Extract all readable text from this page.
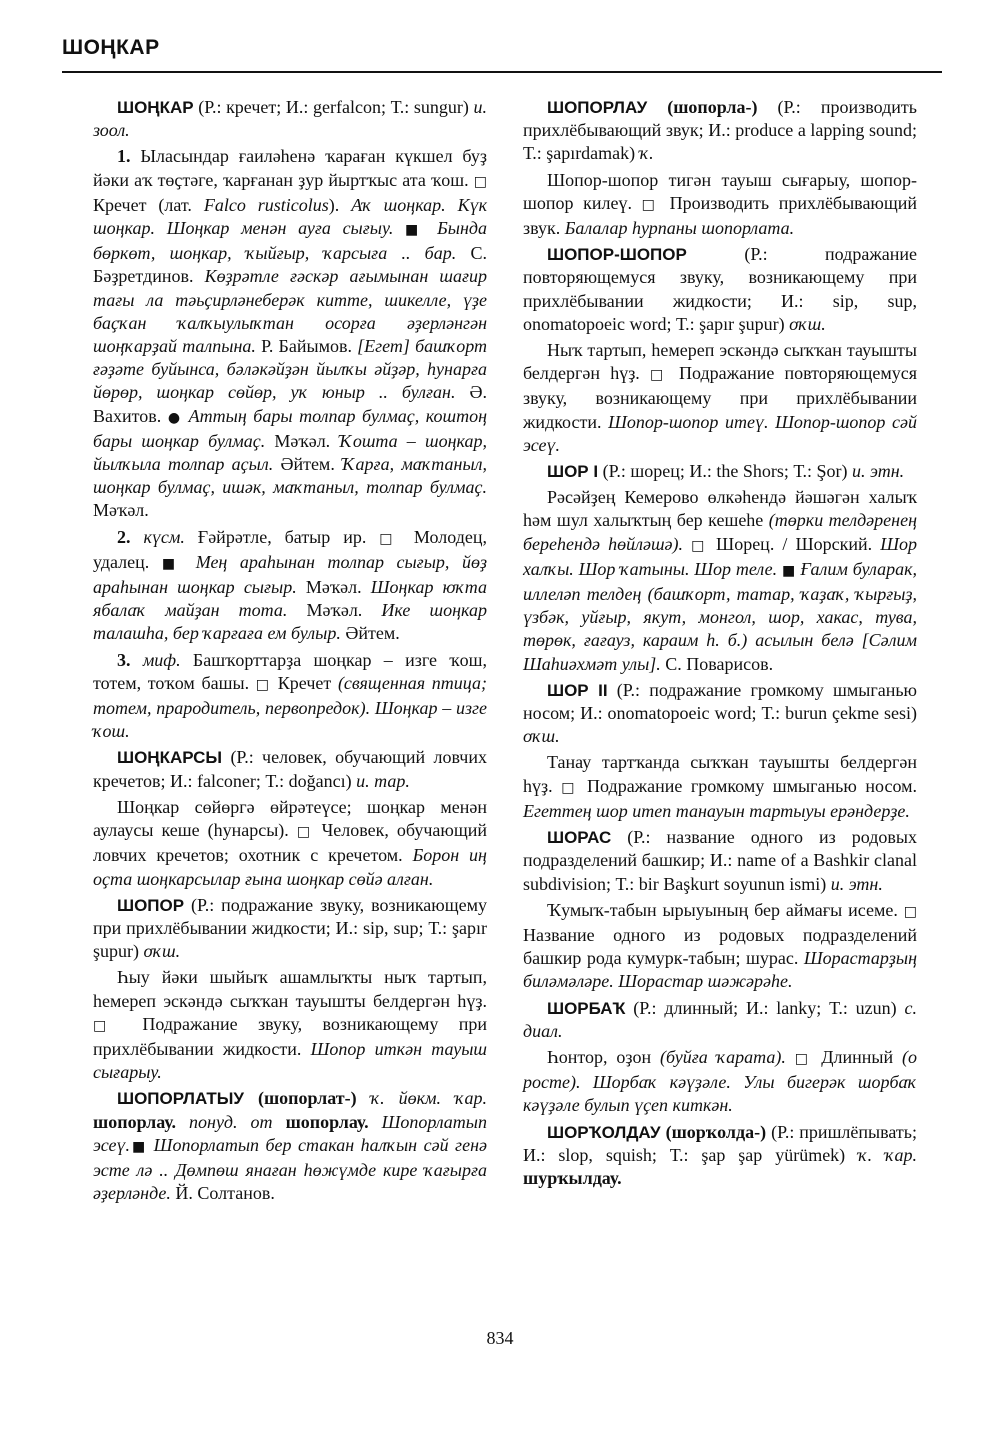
ШОҢКАР

ШОҢКАР (Р.: кречет; И.: gerfalcon; Т.: sungur) и. зоол.

1. Ыласындар ғаиләһенә ҡараған күкшел буҙ йәки аҡ төҫтәге, ҡарғанан ҙур йыртҡыс ата ҡош. □ Кречет (лат. Falco rusticolus). Аҡ шоңкар. Күк шоңкар. Шоңкар менән ауға сығыу. ■ Бында бөркөт, шоңкар, ҡыйғыр, ҡарсыға .. бар. С. Бәҙретдинов. Көҙрәтле ғәскәр ағымынан шағир тағы ла тәьҫирләнеберәк китте, шикелле, үҙе баҫҡан ҡалҡыулыҡтан осорға әҙерләнгән шоңҡарҙай талпына. Р. Байымов. [Егет] башҡорт ғәҙәте буйынса, бәләкәйҙән йылҡы әйҙәр, һунарға йөрөр, шоңкар сөйөр, уҡ юныр .. булған. Ә. Вахитов. ● Аттың бары толпар булмаҫ, коштоң бары шоңкар булмаҫ. Мәҡәл. Ҡошта – шоңкар, йылҡыла толпар аҫыл. Әйтем. Ҡарға, маҡтаныл, шоңкар булмаҫ, ишәк, маҡтаныл, толпар булмаҫ. Мәҡәл.

2. күсм. Ғәйрәтле, батыр ир. □ Молодец, удалец. ■ Мең араһынан толпар сығыр, йөҙ араһынан шоңкар сығыр. Мәҡәл. Шоңкар юҡта ябалаҡ майҙан тота. Мәҡәл. Ике шоңкар талашһа, бер ҡарғаға ем булыр. Әйтем.

3. миф. Башҡорттарҙа шоңкар – изге ҡош, тотем, тоҡом башы. □ Кречет (священная птица; тотем, прародитель, первопредок). Шоңкар – изге ҡош.

ШОҢКАРСЫ (Р.: человек, обучающий ловчих кречетов; И.: falconer; Т.: doğancı) и. тар.

Шоңкар сөйөргә өйрәтеүсе; шоңкар менән аулаусы кеше (һунарсы). □ Человек, обучающий ловчих кречетов; охотник с кречетом. Борон иң оҫта шоңкарсылар ғына шоңкар сөйә алған.

ШОПОР (Р.: подражание звуку, возникающему при прихлёбывании жидкости; И.: sip, sup; Т.: şapır şupur) оҡш.

Һыу йәки шыйыҡ ашамлыҡты ныҡ тартып, һемереп эскәндә сыҡҡан тауышты белдергән һүҙ. □ Подражание звуку, возникающему при прихлёбывании жидкости. Шопор иткән тауыш сығарыу.

ШОПОРЛАТЫУ (шопорлат-) ҡ. йөкм. ҡар. шопорлау. понуд. от шопорлау. Шопорлатып эсеү.■ Шопорлатып бер стакан һалҡын сәй генә эсте лә .. Дөмпөш янаған һөжүмде кире ҡағырға әҙерләнде. Й. Солтанов.

ШОПОРЛАУ (шопорла-) (Р.: производить прихлёбывающий звук; И.: produce a lapping sound; Т.: şapırdamak) ҡ.

Шопор-шопор тигән тауыш сығарыу, шопор-шопор килеү. □ Производить прихлёбывающий звук. Балалар һурпаны шопорлата.

ШОПОР-ШОПОР (Р.: подражание повторяющемуся звуку, возникающему при прихлёбывании жидкости; И.: sip, sup, onomatopoeic word; Т.: şapır şupur) оҡш.

Ныҡ тартып, һемереп эскәндә сыҡҡан тауышты белдергән һүҙ. □ Подражание повторяющемуся звуку, возникающему при прихлёбывании жидкости. Шопор-шопор итеү. Шопор-шопор сәй эсеү.

ШОР I (Р.: шорец; И.: the Shors; Т.: Şor) и. этн.

Рәсәйҙең Кемерово өлкәһендә йәшәгән халыҡ һәм шул халыҡтың бер кешеһе (төрки телдәренең береһендә һөйләшә). □ Шорец. / Шорский. Шор халҡы. Шор ҡатыны. Шор теле. ■ Ғалим буларак, иллеләп телдең (башҡорт, татар, ҡаҙаҡ, ҡырғыҙ, үзбәк, уйғыр, якут, монгол, шор, хакас, тува, төрөк, ғағауз, караим һ. б.) асылын белә [Сәлим Шаһиәхмәт улы]. С. Поварисов.

ШОР II (Р.: подражание громкому шмыганью носом; И.: onomatopoeic word; Т.: burun çekme sesi) оҡш.

Танау тартҡанда сыҡҡан тауышты белдергән һүҙ. □ Подражание громкому шмыганью носом. Егеттең шор итеп танауын тартыуы ерәндерҙе.

ШОРАС (Р.: название одного из родовых подразделений башкир; И.: name of a Bashkir clanal subdivision; Т.: bir Başkurt soyunun ismi) и. этн.

Ҡумыҡ-табын ырыуының бер аймағы исеме. □ Название одного из родовых подразделений башкир рода кумурк-табын; шурас. Шорастарҙың биләмәләре. Шорастар шәжәрәһе.

ШОРБАҠ (Р.: длинный; И.: lanky; Т.: uzun) с. диал.

Һонтор, оҙон (буйға ҡарата). □ Длинный (о росте). Шорбаҡ кәүҙәле. Улы бигерәк шорбаҡ кәүҙәле булып үҫеп киткән.

ШОРҠОЛДАУ (шорҡолда-) (Р.: пришлёпывать; И.: slop, squish; Т.: şap şap yürümek) ҡ. ҡар. шурҡылдау.

834
